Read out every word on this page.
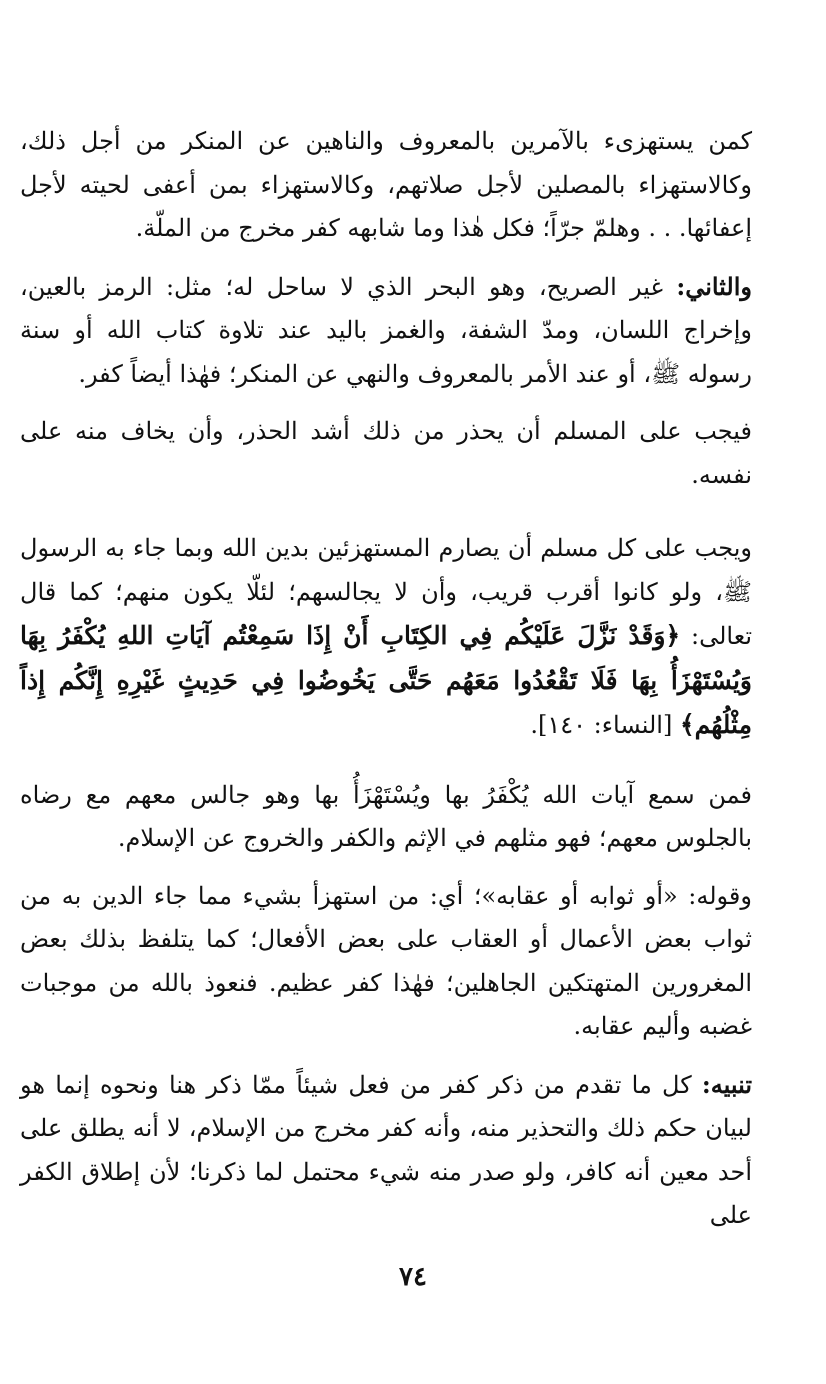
كمن يستهزىء بالآمرين بالمعروف والناهين عن المنكر من أجل ذلك، وكالاستهزاء بالمصلين لأجل صلاتهم، وكالاستهزاء بمن أعفى لحيته لأجل إعفائها. . . وهلمّ جرّاً؛ فكل هٰذا وما شابهه كفر مخرج من الملّة.

والثاني: غير الصريح، وهو البحر الذي لا ساحل له؛ مثل: الرمز بالعين، وإخراج اللسان، ومدّ الشفة، والغمز باليد عند تلاوة كتاب الله أو سنة رسوله ﷺ، أو عند الأمر بالمعروف والنهي عن المنكر؛ فهٰذا أيضاً كفر.

فيجب على المسلم أن يحذر من ذلك أشد الحذر، وأن يخاف منه على نفسه.

ويجب على كل مسلم أن يصارم المستهزئين بدين الله وبما جاء به الرسول ﷺ، ولو كانوا أقرب قريب، وأن لا يجالسهم؛ لئلّا يكون منهم؛ كما قال تعالى: ﴿وَقَدْ نَزَّلَ عَلَيْكُم فِي الكِتَابِ أَنْ إِذَا سَمِعْتُم آيَاتِ اللهِ يُكْفَرُ بِهَا وَيُسْتَهْزَأُ بِهَا فَلَا تَقْعُدُوا مَعَهُم حَتَّى يَخُوضُوا فِي حَدِيثٍ غَيْرِهِ إِنَّكُم إِذاً مِثْلُهُم﴾ [النساء: ١٤٠].

فمن سمع آيات الله يُكْفَرُ بها ويُسْتَهْزَأُ بها وهو جالس معهم مع رضاه بالجلوس معهم؛ فهو مثلهم في الإثم والكفر والخروج عن الإسلام.

وقوله: «أو ثوابه أو عقابه»؛ أي: من استهزأ بشيء مما جاء الدين به من ثواب بعض الأعمال أو العقاب على بعض الأفعال؛ كما يتلفظ بذلك بعض المغرورين المتهتكين الجاهلين؛ فهٰذا كفر عظيم. فنعوذ بالله من موجبات غضبه وأليم عقابه.

تنبيه: كل ما تقدم من ذكر كفر من فعل شيئاً ممّا ذكر هنا ونحوه إنما هو لبيان حكم ذلك والتحذير منه، وأنه كفر مخرج من الإسلام، لا أنه يطلق على أحد معين أنه كافر، ولو صدر منه شيء محتمل لما ذكرنا؛ لأن إطلاق الكفر على

٧٤
